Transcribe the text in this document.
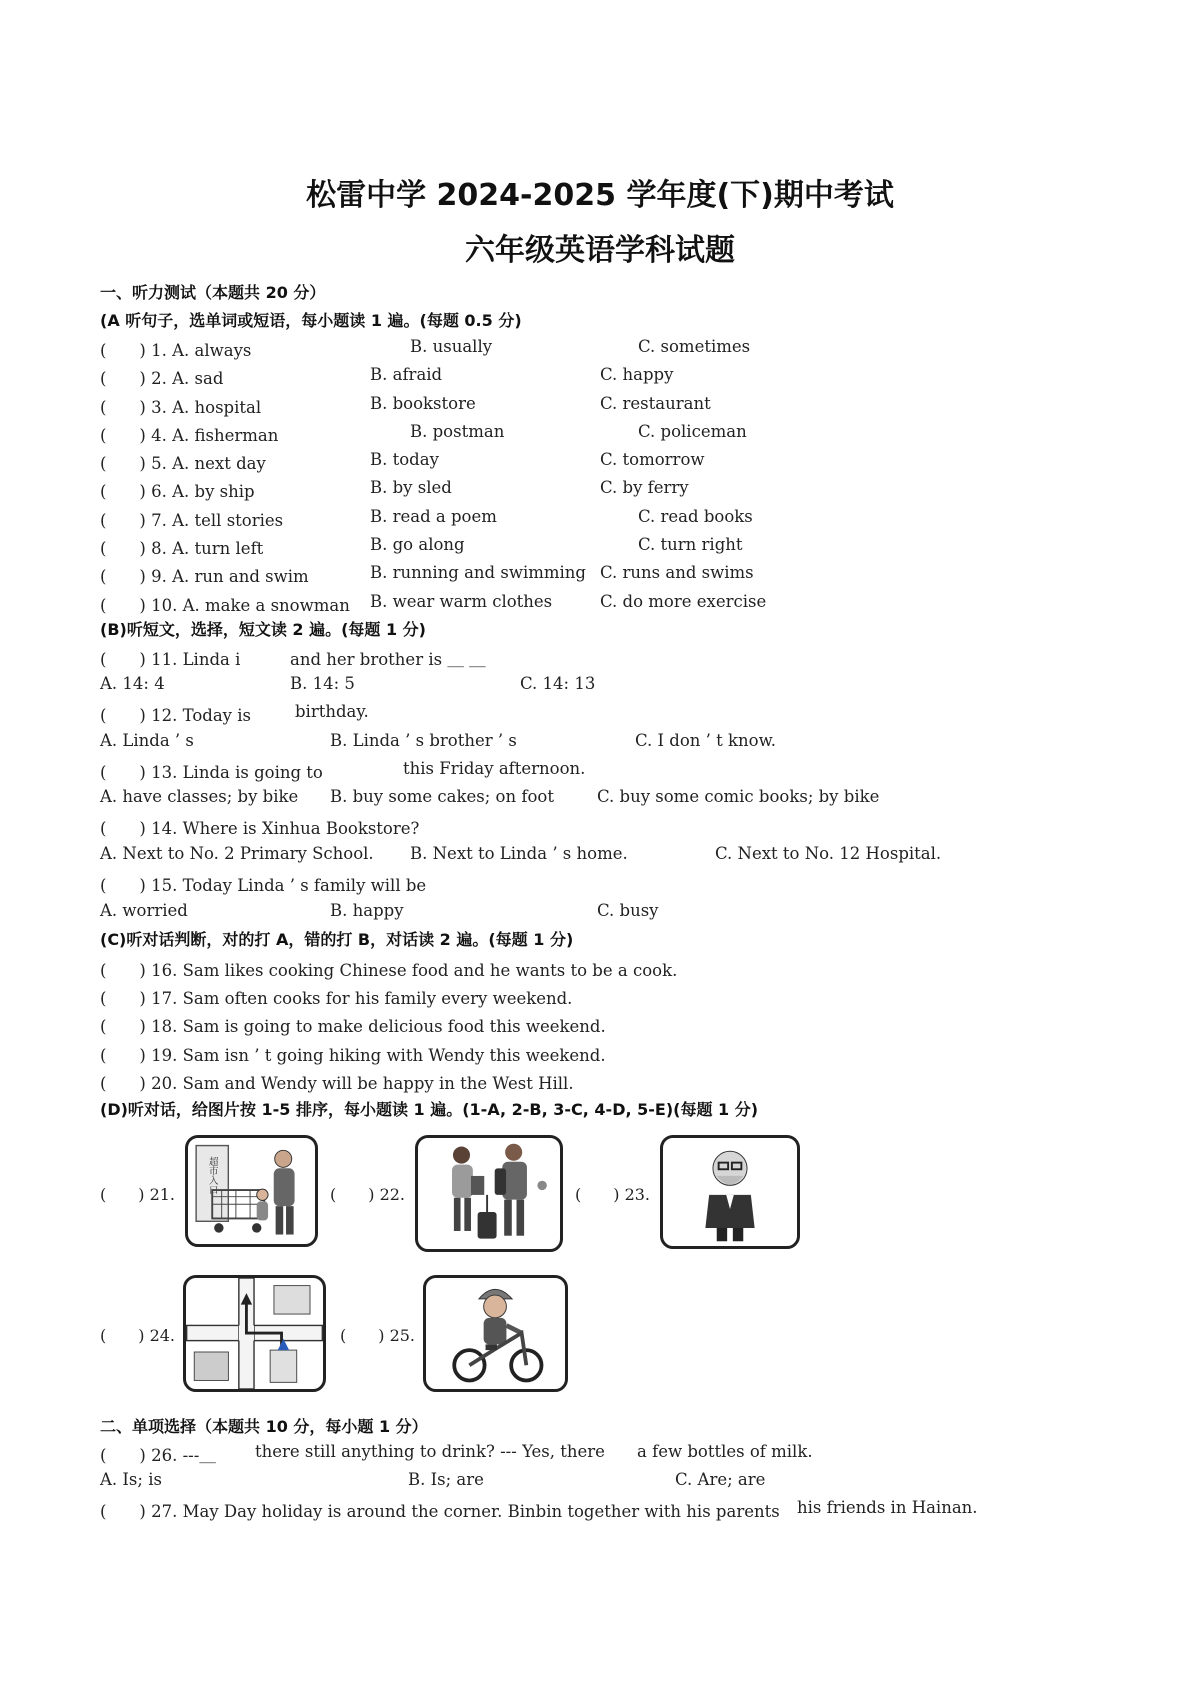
松雷中学 2024-2025 学年度(下)期中考试
六年级英语学科试题
一、听力测试（本题共 20 分）
(A 听句子，选单词或短语，每小题读 1 遍。(每题 0.5 分)
(　　) 1. A. always	B. usually	C. sometimes
(　　) 2. A. sad	B. afraid	C. happy
(　　) 3. A. hospital	B. bookstore	C. restaurant
(　　) 4. A. fisherman	B. postman	C. policeman
(　　) 5. A. next day	B. today	C. tomorrow
(　　) 6. A. by ship	B. by sled	C. by ferry
(　　) 7. A. tell stories	B. read a poem	C. read books
(　　) 8. A. turn left	B. go along	C. turn right
(　　) 9. A. run and swim	B. running and swimming C. runs and swims
(　　) 10. A. make a snowman B. wear warm clothes	C. do more exercise
(B)听短文，选择，短文读 2 遍。(每题 1 分)
(　　) 11. Linda i	and her brother is ＿ ＿
A. 14: 4	B. 14: 5	C. 14: 13
(　　) 12. Today is	birthday.
A. Linda ’ s	B. Linda ’ s brother ’ s	C. I don ’ t know.
(　　) 13. Linda is going to	this Friday afternoon.
A. have classes; by bike B. buy some cakes; on foot	C. buy some comic books; by bike
(　　) 14. Where is Xinhua Bookstore?
A. Next to No. 2 Primary School. B. Next to Linda ’ s home.	C. Next to No. 12 Hospital.
(　　) 15. Today Linda ’ s family will be
A. worried	B. happy	C. busy
(C)听对话判断，对的打 A，错的打 B，对话读 2 遍。(每题 1 分)
(　　) 16. Sam likes cooking Chinese food and he wants to be a cook.
(　　) 17. Sam often cooks for his family every weekend.
(　　) 18. Sam is going to make delicious food this weekend.
(　　) 19. Sam isn ’ t going hiking with Wendy this weekend.
(　　) 20. Sam and Wendy will be happy in the West Hill.
(D)听对话，给图片按 1-5 排序，每小题读 1 遍。(1-A, 2-B, 3-C, 4-D, 5-E)(每题 1 分)
(　　) 21.	超市入口	(　　) 22.	(　　) 23.
(　　) 24.	(　　) 25.
二、单项选择（本题共 10 分，每小题 1 分）
(　　) 26. ---＿ there still anything to drink? --- Yes, there a few bottles of milk.
A. Is; is	B. Is; are	C. Are; are
(　　) 27. May Day holiday is around the corner. Binbin together with his parents his friends in Hainan.
